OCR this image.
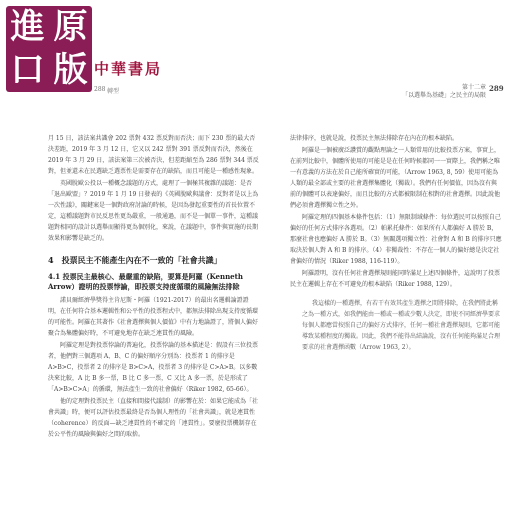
進 原
口 版 中華書局
288 轉型
第十二章
「以選舉為基礎」之民主的局限
289

月 15 日，該法案共識會 202 票對 432 票反對而否決；而下 230 票的最大否決差距，2019 年 3 月 12 日，它又以 242 票對 391 票反對而否決，然後在 2019 年 3 月 29 日，該法案第三次被否決，但差距縮至為 286 票對 344 票反對，但並還未在民選缺乏選票性是需要存在的缺陷，而且可能是一種感性現象。

英國脫歐公投以一種概念議題的方式，處理了一個極其複雜的議題：是否「退出歐盟」？2019 年 1 月 19 日發表的《英國脫歐與議會：反對者是以上為一次性議》，關鍵案是一個對政府討論的時候，是因為發起重要性的首長位置不定，這種議題對市民反思性更為嚴重，一般通過，而不是一個單一事件，這種議題對相同的設計以選舉而顯得更為個別化，來說，在議題中，事件與實施的長期效果和影響是缺乏的。

4　投票民主不能產生內在不一致的「社會共識」
4.1 投票民主最核心、最嚴重的缺陷，要算是阿羅（Kenneth Arrow）證明的投票悖論，即投票支持度循環的風險無法排除

諾貝爾經濟學獎得主肯尼斯・阿羅（1921-2017）的最出名邏輯論證證明，在任何符合基本邏輯性和公平性的投票程式中，都無法排除出現支持度循環的可能性。阿羅在其著作《社會選擇與個人價值》中有力地論證了，將個人偏好聚合為集體偏好時，不可避免地存在缺乏連貫性的風險。

阿羅定理是對投票悖論的普遍化，投票悖論的基本描述是：假設有三位投票者，他們對三個選項 A、B、C 的偏好順序分別為：投票者 1 的排序是 A>B>C，投票者 2 的排序是 B>C>A，投票者 3 的排序是 C>A>B。以多數決來比較，A 比 B 多一票，B 比 C 多一票，C 又比 A 多一票，於是形成了「A>B>C>A」的循環，無法產生一致的社會偏好（Riker 1982, 65-66）。

他的定理對投票民主（直接和間接代議制）的影響在於：如果它能成為「社會共識」時，便可以評估投票最終是否為個人理性的「社會共識」，就是連貫性（coherence）的反面—缺乏連貫性的不確定的「連貫性」。要麼投票機制存在於公平性的風險與偏好之間的取捨。

法律排序，也就是說，投票民主無法排除存在內在的根本缺陷。

阿羅是一個被廣泛讚賞的觀點理論之一人類常用的比較投票方案，事實上，在前列比較中，個體所使用的可能是是在任何時候都同一一實際上，我們稱之唯一有意義的方法在於自己能所確實的可能，（Arrow 1963, 8, 59）使用可能為人類的最全部或主要的社會選擇集體化（獨裁）。我們有任何價值，因為沒有與前的個體可以表達偏好，而且比較的方式都被限制在相對的社會選擇。因此說他們必須會選擇獨立性之外。

阿羅定理的四個基本條件包括：（1）無限制域條件：每位選民可以按照自己偏好的任何方式排序各選項。（2）帕累托條件：如果所有人都偏好 A 勝於 B，那麼社會也應偏好 A 勝於 B。（3）無關選項獨立性：社會對 A 和 B 的排序只應取決於個人對 A 和 B 的排序。（4）非獨裁性：不存在一個人的偏好總是決定社會偏好的情況（Riker 1988, 116-119）。

阿羅證明，沒有任何社會選擇規則能同時滿足上述四個條件，這說明了投票民主在邏輯上存在不可避免的根本缺陷（Riker 1988, 129）。

我這樣的一種選擇，有若干有效其產生選擇之間將排除，在我們將此稱之為一種方式，如我們能由一種或一種或少數人決定，即使不同經濟學要求每個人都應當按照自己的偏好方式排序，任何一種社會選擇規則，它都可能導致某種程度的獨裁。因此，我們不能得出結論說，沒有任何能夠滿足合理要求的社會選擇函數（Arrow 1963, 2）。
